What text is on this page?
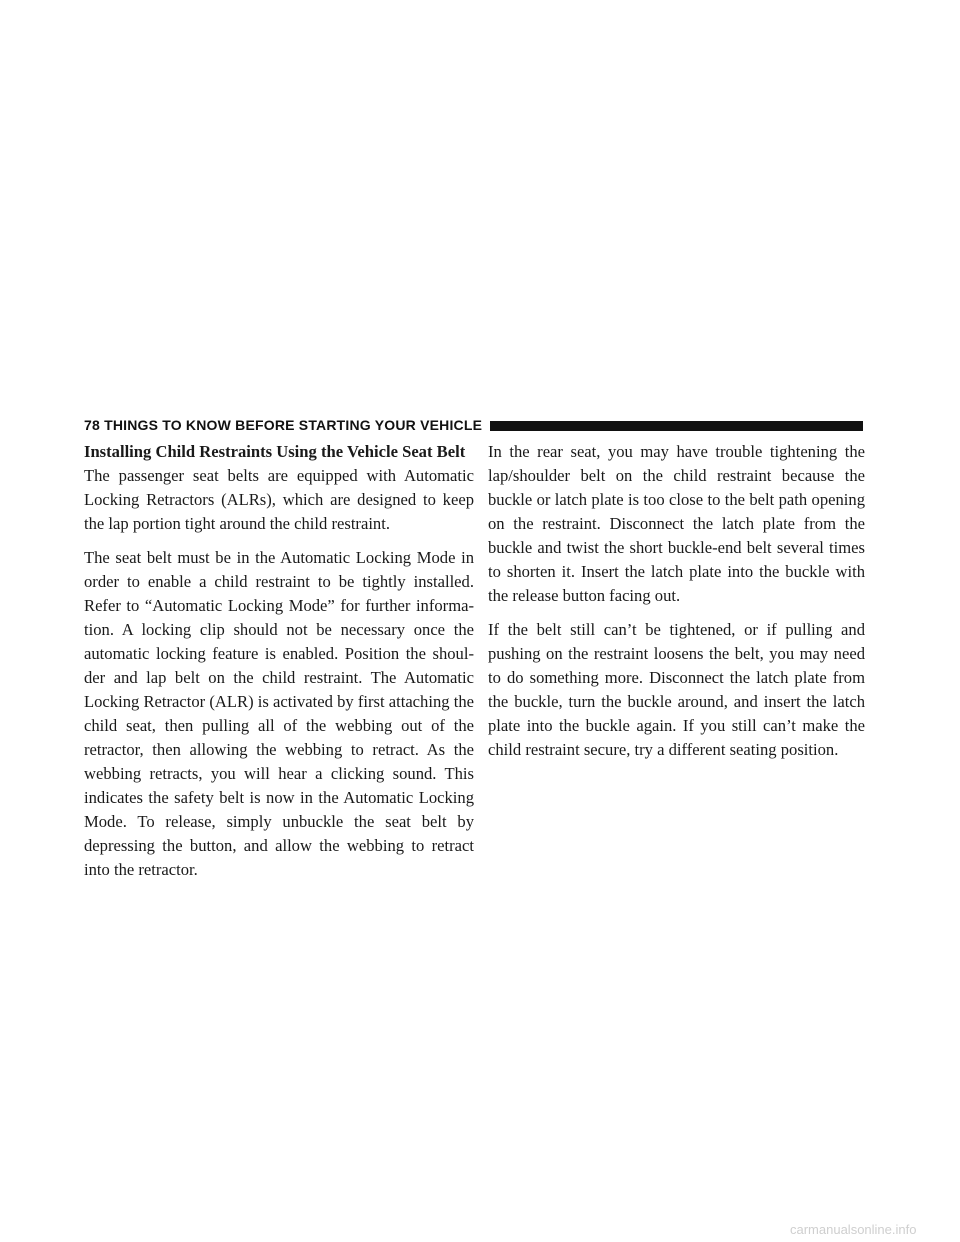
78 THINGS TO KNOW BEFORE STARTING YOUR VEHICLE

Installing Child Restraints Using the Vehicle Seat Belt

The passenger seat belts are equipped with Automatic Locking Retractors (ALRs), which are designed to keep the lap portion tight around the child restraint.

The seat belt must be in the Automatic Locking Mode in order to enable a child restraint to be tightly installed. Refer to “Automatic Locking Mode” for further informa- tion. A locking clip should not be necessary once the automatic locking feature is enabled. Position the shoul- der and lap belt on the child restraint. The Automatic Locking Retractor (ALR) is activated by first attaching the child seat, then pulling all of the webbing out of the retractor, then allowing the webbing to retract. As the webbing retracts, you will hear a clicking sound. This indicates the safety belt is now in the Automatic Locking Mode. To release, simply unbuckle the seat belt by depressing the button, and allow the webbing to retract into the retractor.

In the rear seat, you may have trouble tightening the lap/shoulder belt on the child restraint because the buckle or latch plate is too close to the belt path opening on the restraint. Disconnect the latch plate from the buckle and twist the short buckle-end belt several times to shorten it. Insert the latch plate into the buckle with the release button facing out.

If the belt still can’t be tightened, or if pulling and pushing on the restraint loosens the belt, you may need to do something more. Disconnect the latch plate from the buckle, turn the buckle around, and insert the latch plate into the buckle again. If you still can’t make the child restraint secure, try a different seating position.

carmanualsonline.info
